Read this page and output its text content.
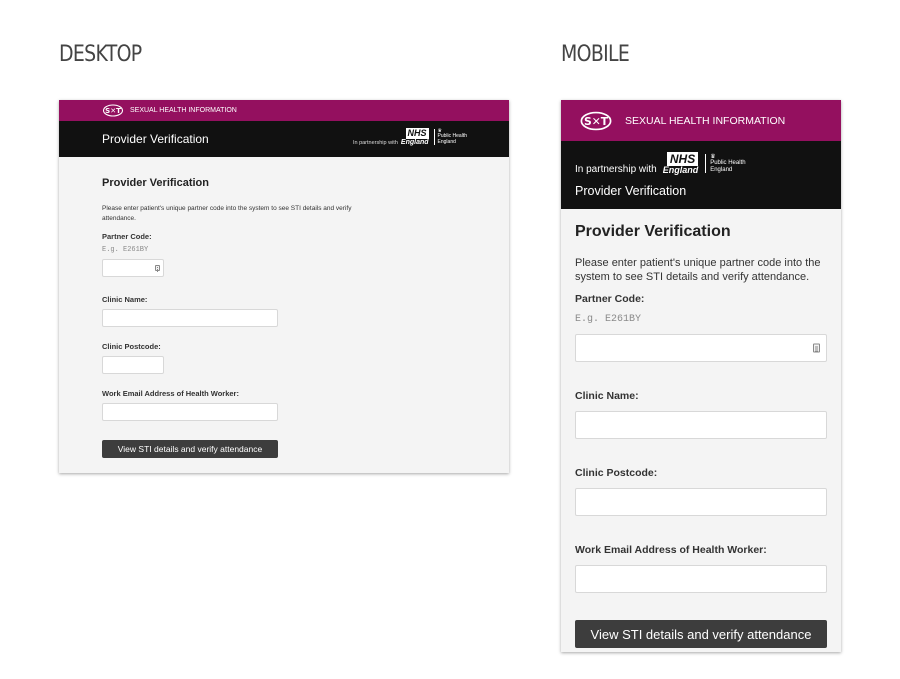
DESKTOP	MOBILE
S✕T SEXUAL HEALTH INFORMATION
Provider Verification	In partnership with
NHS
England
♛
Public Health
England
Provider Verification
Please enter patient's unique partner code into the system to see STI details and verify attendance.
Partner Code:
E.g. E261BY
Clinic Name:
Clinic Postcode:
Work Email Address of Health Worker:
View STI details and verify attendance
S✕T SEXUAL HEALTH INFORMATION
In partnership with
NHS
England
♛
Public Health
England
Provider Verification
Provider Verification
Please enter patient's unique partner code into the system to see STI details and verify attendance.
Partner Code:
E.g. E261BY
Clinic Name:
Clinic Postcode:
Work Email Address of Health Worker:
View STI details and verify attendance
